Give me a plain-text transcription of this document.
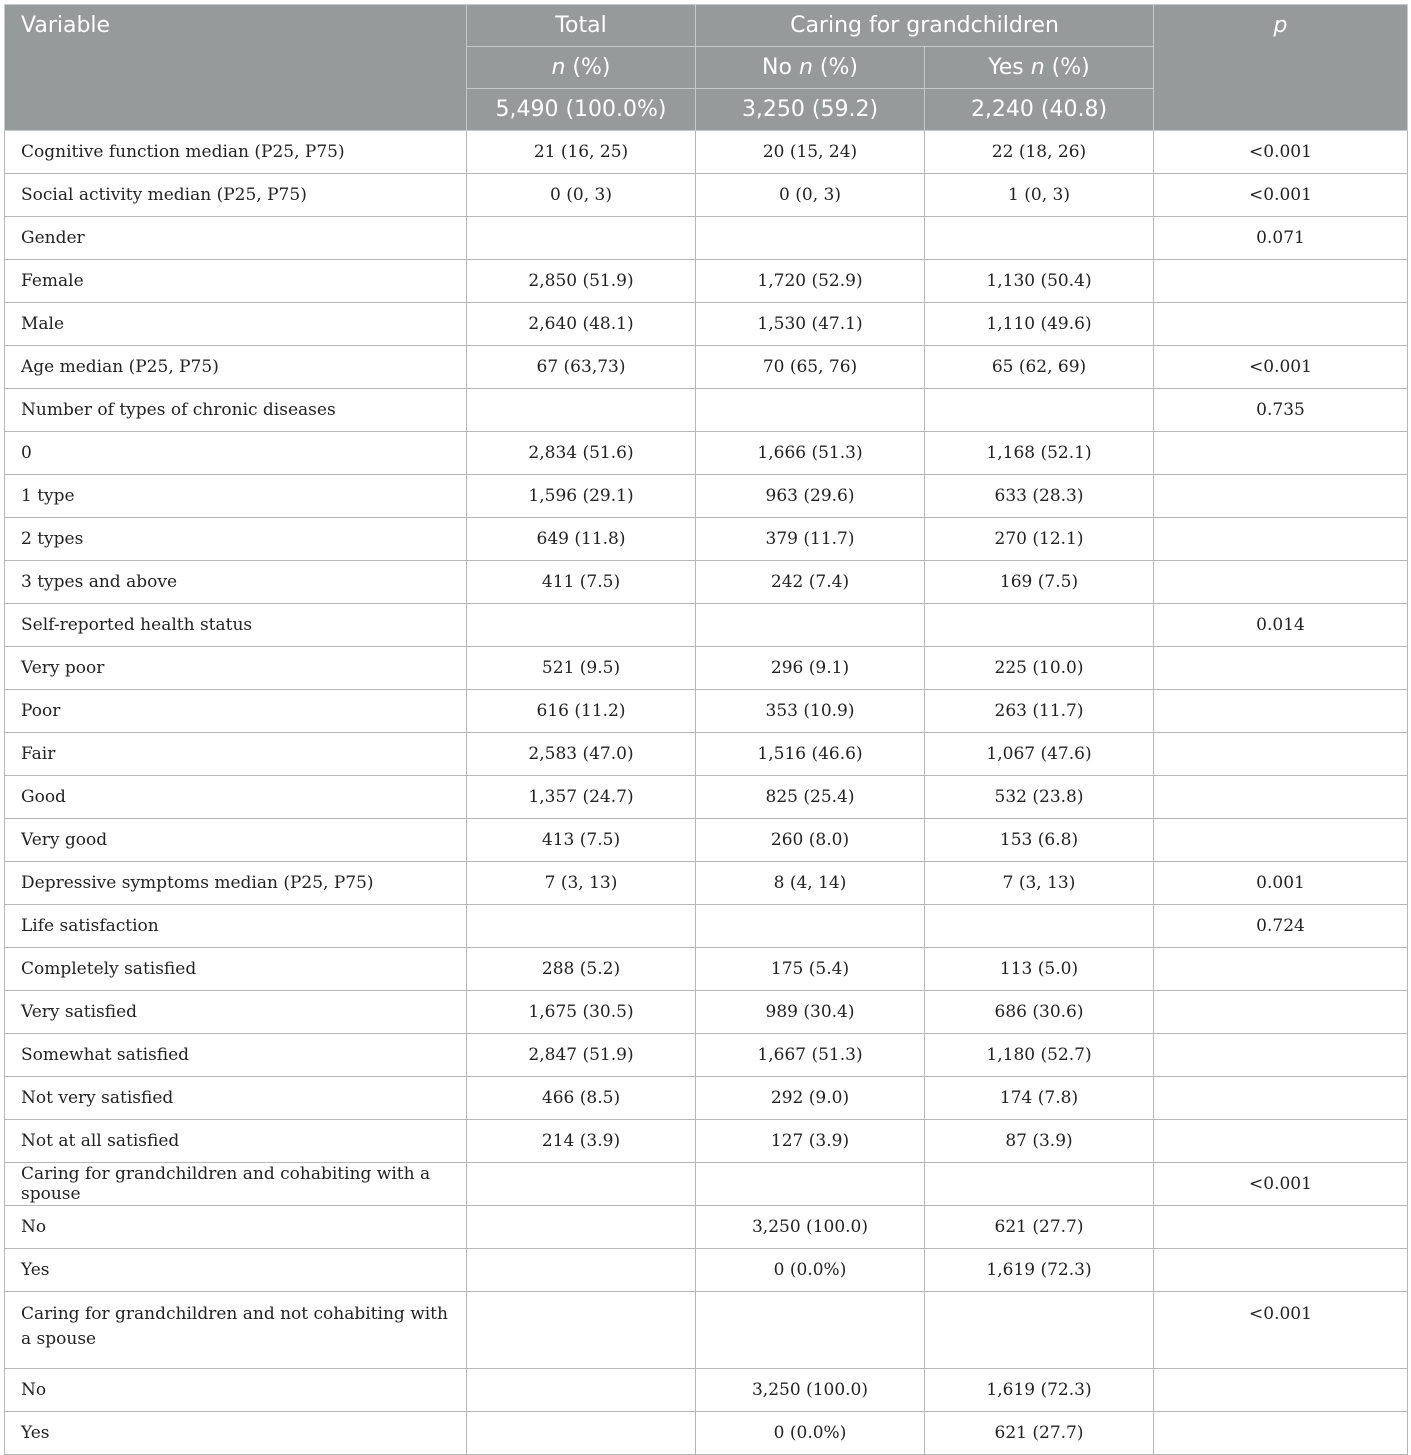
Variable	Total	Caring for grandchildren		p
	n (%)	No n (%)	Yes n (%)	
	5,490 (100.0%)	3,250 (59.2)	2,240 (40.8)	
Cognitive function median (P25, P75)	21 (16, 25)	20 (15, 24)	22 (18, 26)	<0.001
Social activity median (P25, P75)	0 (0, 3)	0 (0, 3)	1 (0, 3)	<0.001
Gender				0.071
Female	2,850 (51.9)	1,720 (52.9)	1,130 (50.4)	
Male	2,640 (48.1)	1,530 (47.1)	1,110 (49.6)	
Age median (P25, P75)	67 (63,73)	70 (65, 76)	65 (62, 69)	<0.001
Number of types of chronic diseases				0.735
0	2,834 (51.6)	1,666 (51.3)	1,168 (52.1)	
1 type	1,596 (29.1)	963 (29.6)	633 (28.3)	
2 types	649 (11.8)	379 (11.7)	270 (12.1)	
3 types and above	411 (7.5)	242 (7.4)	169 (7.5)	
Self-reported health status				0.014
Very poor	521 (9.5)	296 (9.1)	225 (10.0)	
Poor	616 (11.2)	353 (10.9)	263 (11.7)	
Fair	2,583 (47.0)	1,516 (46.6)	1,067 (47.6)	
Good	1,357 (24.7)	825 (25.4)	532 (23.8)	
Very good	413 (7.5)	260 (8.0)	153 (6.8)	
Depressive symptoms median (P25, P75)	7 (3, 13)	8 (4, 14)	7 (3, 13)	0.001
Life satisfaction				0.724
Completely satisfied	288 (5.2)	175 (5.4)	113 (5.0)	
Very satisfied	1,675 (30.5)	989 (30.4)	686 (30.6)	
Somewhat satisfied	2,847 (51.9)	1,667 (51.3)	1,180 (52.7)	
Not very satisfied	466 (8.5)	292 (9.0)	174 (7.8)	
Not at all satisfied	214 (3.9)	127 (3.9)	87 (3.9)	
Caring for grandchildren and cohabiting with a spouse				<0.001
No		3,250 (100.0)	621 (27.7)	
Yes		0 (0.0%)	1,619 (72.3)	
Caring for grandchildren and not cohabiting with a spouse				<0.001
No		3,250 (100.0)	1,619 (72.3)	
Yes		0 (0.0%)	621 (27.7)	
